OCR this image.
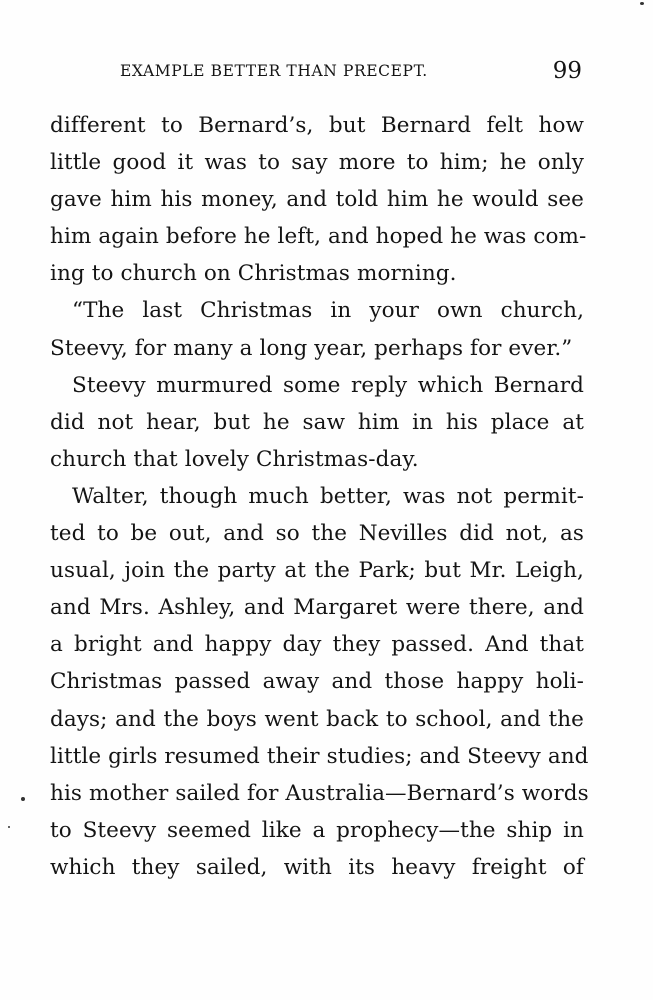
EXAMPLE BETTER THAN PRECEPT.	99
different to Bernard’s, but Bernard felt how
little good it was to say more to him; he only
gave him his money, and told him he would see
him again before he left, and hoped he was com-
ing to church on Christmas morning.
“The last Christmas in your own church,
Steevy, for many a long year, perhaps for ever.”
Steevy murmured some reply which Bernard
did not hear, but he saw him in his place at
church that lovely Christmas-day.
Walter, though much better, was not permit-
ted to be out, and so the Nevilles did not, as
usual, join the party at the Park; but Mr. Leigh,
and Mrs. Ashley, and Margaret were there, and
a bright and happy day they passed. And that
Christmas passed away and those happy holi-
days; and the boys went back to school, and the
little girls resumed their studies; and Steevy and
his mother sailed for Australia—Bernard’s words
to Steevy seemed like a prophecy—the ship in
which they sailed, with its heavy freight of
